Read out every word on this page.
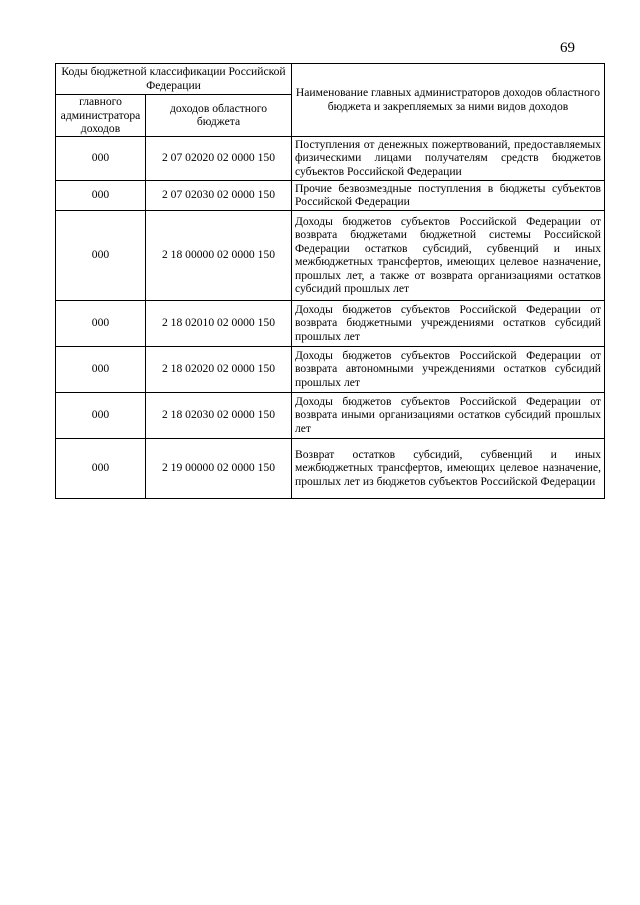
69
Коды бюджетной классификации Российской Федерации		Наименование главных администраторов доходов областного бюджета и закрепляемых за ними видов доходов
главного администратора доходов	доходов областного бюджета	
000	2 07 02020 02 0000 150	Поступления от денежных пожертвований, предоставляемых физическими лицами получателям средств бюджетов субъектов Российской Федерации
000	2 07 02030 02 0000 150	Прочие безвозмездные поступления в бюджеты субъектов Российской Федерации
000	2 18 00000 02 0000 150	Доходы бюджетов субъектов Российской Федерации от возврата бюджетами бюджетной системы Российской Федерации остатков субсидий, субвенций и иных межбюджетных трансфертов, имеющих целевое назначение, прошлых лет, а также от возврата организациями остатков субсидий прошлых лет
000	2 18 02010 02 0000 150	Доходы бюджетов субъектов Российской Федерации от возврата бюджетными учреждениями остатков субсидий прошлых лет
000	2 18 02020 02 0000 150	Доходы бюджетов субъектов Российской Федерации от возврата автономными учреждениями остатков субсидий прошлых лет
000	2 18 02030 02 0000 150	Доходы бюджетов субъектов Российской Федерации от возврата иными организациями остатков субсидий прошлых лет
000	2 19 00000 02 0000 150	Возврат остатков субсидий, субвенций и иных межбюджетных трансфертов, имеющих целевое назначение, прошлых лет из бюджетов субъектов Российской Федерации
